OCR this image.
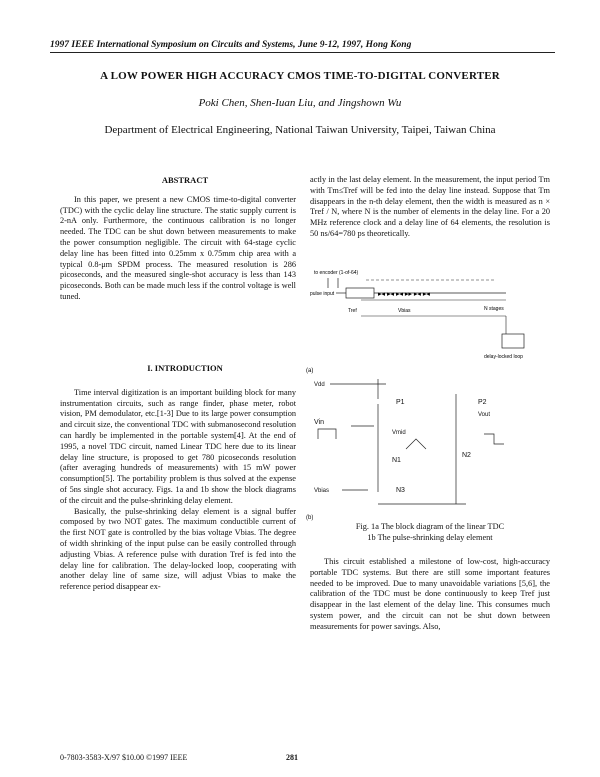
1997 IEEE International Symposium on Circuits and Systems, June 9-12, 1997, Hong Kong
A LOW POWER HIGH ACCURACY CMOS TIME-TO-DIGITAL CONVERTER
Poki Chen, Shen-Iuan Liu, and Jingshown Wu
Department of Electrical Engineering, National Taiwan University, Taipei, Taiwan China

ABSTRACT

In this paper, we present a new CMOS time-to-digital converter (TDC) with the cyclic delay line structure. The static supply current is 2-nA only. Furthermore, the continuous calibration is no longer needed. The TDC can be shut down between measurements to make the power consumption negligible. The circuit with 64-stage cyclic delay line has been fitted into 0.25mm x 0.75mm chip area with a typical 0.8-μm SPDM process. The measured resolution is 286 picoseconds, and the measured single-shot accuracy is less than 143 picoseconds. Both can be made much less if the control voltage is well tuned.

I. INTRODUCTION

Time interval digitization is an important building block for many instrumentation circuits, such as range finder, phase meter, robot vision, PM demodulator, etc.[1-3] Due to its large power consumption and circuit size, the conventional TDC with submanosecond resolution can hardly be implemented in the portable system[4]. At the end of 1995, a novel TDC circuit, named Linear TDC here due to its linear delay line structure, is proposed to get 780 picoseconds resolution (after averaging hundreds of measurements) with 15 mW power consumption[5]. The portability problem is thus solved at the expense of 5ns single shot accuracy. Figs. 1a and 1b show the block diagrams of the circuit and the pulse-shrinking delay element.

Basically, the pulse-shrinking delay element is a signal buffer composed by two NOT gates. The maximum conductible current of the first NOT gate is controlled by the bias voltage Vbias. The degree of width shrinking of the input pulse can be easily controlled through adjusting Vbias. A reference pulse with duration Tref is fed into the delay line for calibration. The delay-locked loop, cooperating with another delay line of same size, will adjust Vbias to make the reference period disappear ex-

actly in the last delay element. In the measurement, the input period Tm with Tm≤Tref will be fed into the delay line instead. Suppose that Tm disappears in the n-th delay element, then the width is measured as n × Tref / N, where N is the number of elements in the delay line. For a 20 MHz reference clock and a delay line of 64 elements, the resolution is 50 ns/64=780 ps theoretically.

to encoder (1-of-64)
pulse input	▸◂ ▸◂ ▸◂ ▸▸ ▸◂ ▸◂
Tref	Vbias	N stages
delay-locked loop
(a)
Vdd
P1	P2
Vin
Vmid
Vout
N1
N2
Vbias	N3
(b)
Fig. 1a The block diagram of the linear TDC
1b The pulse-shrinking delay element

This circuit established a milestone of low-cost, high-accuracy portable TDC systems. But there are still some important features needed to be improved. Due to many unavoidable variations [5,6], the calibration of the TDC must be done continuously to keep Tref just disappear in the last element of the delay line. This consumes much system power, and the circuit can not be shut down between measurements for power savings. Also,

0-7803-3583-X/97 $10.00 ©1997 IEEE	281
